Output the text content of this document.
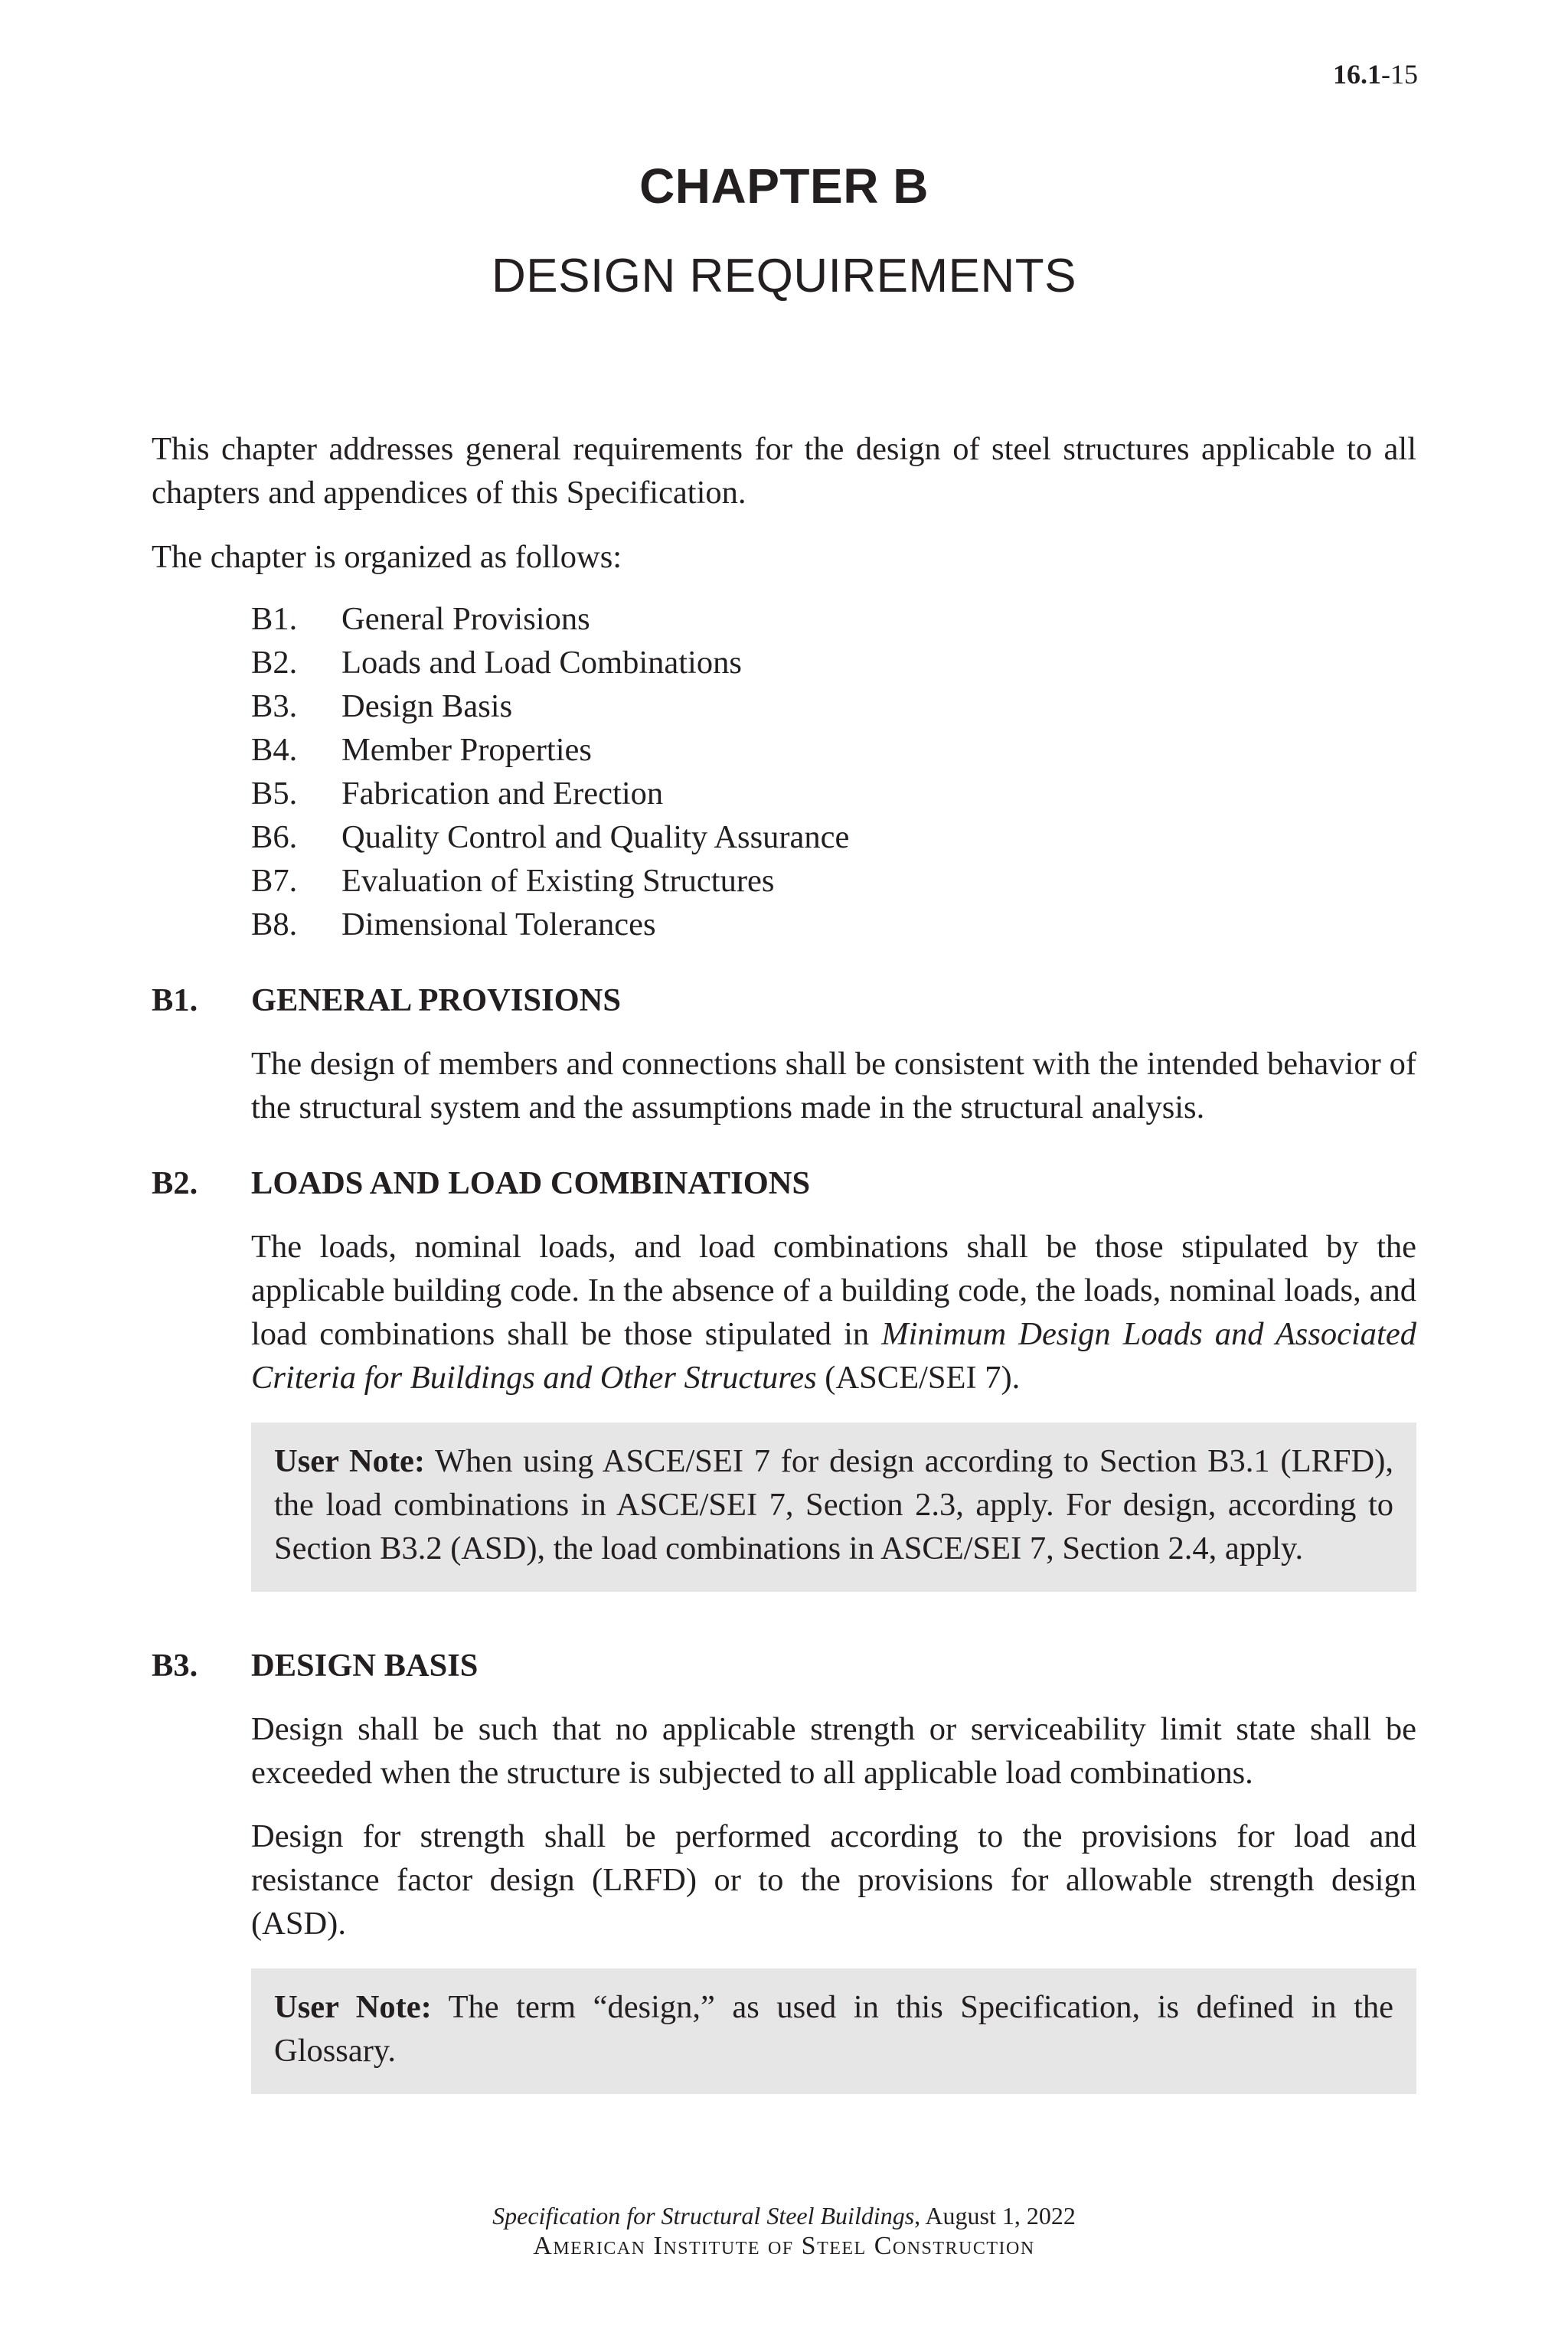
16.1-15
CHAPTER B
DESIGN REQUIREMENTS

This chapter addresses general requirements for the design of steel structures applicable to all chapters and appendices of this Specification.

The chapter is organized as follows:

B1.	General Provisions
B2.	Loads and Load Combinations
B3.	Design Basis
B4.	Member Properties
B5.	Fabrication and Erection
B6.	Quality Control and Quality Assurance
B7.	Evaluation of Existing Structures
B8.	Dimensional Tolerances
B1.	GENERAL PROVISIONS

The design of members and connections shall be consistent with the intended behavior of the structural system and the assumptions made in the structural analysis.

B2.	LOADS AND LOAD COMBINATIONS

The loads, nominal loads, and load combinations shall be those stipulated by the applicable building code. In the absence of a building code, the loads, nominal loads, and load combinations shall be those stipulated in Minimum Design Loads and Associated Criteria for Buildings and Other Structures (ASCE/SEI 7).

User Note: When using ASCE/SEI 7 for design according to Section B3.1 (LRFD), the load combinations in ASCE/SEI 7, Section 2.3, apply. For design, according to Section B3.2 (ASD), the load combinations in ASCE/SEI 7, Section 2.4, apply.
B3.	DESIGN BASIS

Design shall be such that no applicable strength or serviceability limit state shall be exceeded when the structure is subjected to all applicable load combinations.

Design for strength shall be performed according to the provisions for load and resistance factor design (LRFD) or to the provisions for allowable strength design (ASD).

User Note: The term “design,” as used in this Specification, is defined in the Glossary.
Specification for Structural Steel Buildings, August 1, 2022
American Institute of Steel Construction
